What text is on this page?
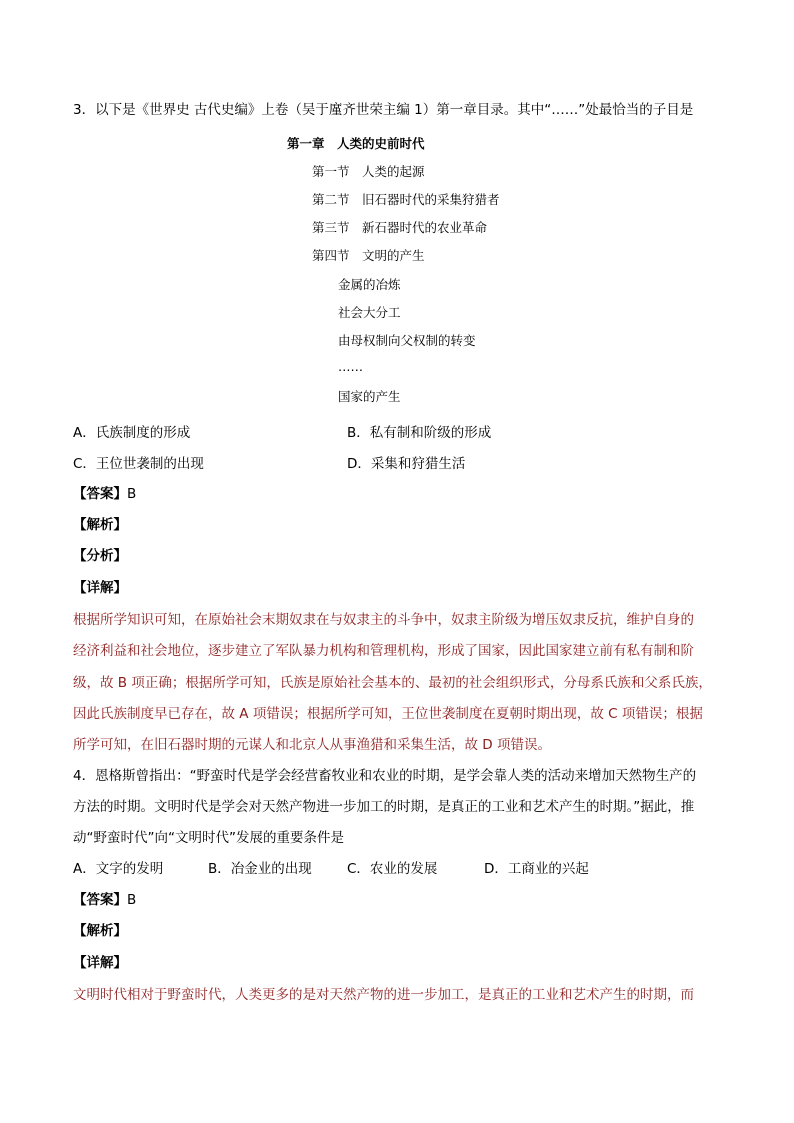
3．以下是《世界史 古代史编》上卷（吴于廑齐世荣主编 1）第一章目录。其中“……”处最恰当的子目是
第一章　人类的史前时代
第一节　人类的起源
第二节　旧石器时代的采集狩猎者
第三节　新石器时代的农业革命
第四节　文明的产生
金属的冶炼
社会大分工
由母权制向父权制的转变
……
国家的产生
A．氏族制度的形成	B．私有制和阶级的形成
C．王位世袭制的出现	D．采集和狩猎生活
【答案】B
【解析】
【分析】
【详解】
根据所学知识可知，在原始社会末期奴隶在与奴隶主的斗争中，奴隶主阶级为增压奴隶反抗，维护自身的
经济利益和社会地位，逐步建立了军队暴力机构和管理机构，形成了国家，因此国家建立前有私有制和阶
级，故 B 项正确；根据所学可知，氏族是原始社会基本的、最初的社会组织形式，分母系氏族和父系氏族，
因此氏族制度早已存在，故 A 项错误；根据所学可知，王位世袭制度在夏朝时期出现，故 C 项错误；根据
所学可知，在旧石器时期的元谋人和北京人从事渔猎和采集生活，故 D 项错误。
4．恩格斯曾指出：“野蛮时代是学会经营畜牧业和农业的时期，是学会靠人类的活动来增加天然物生产的
方法的时期。文明时代是学会对天然产物进一步加工的时期，是真正的工业和艺术产生的时期。”据此，推
动“野蛮时代”向“文明时代”发展的重要条件是
A．文字的发明	B．冶金业的出现	C．农业的发展	D．工商业的兴起
【答案】B
【解析】
【详解】
文明时代相对于野蛮时代，人类更多的是对天然产物的进一步加工，是真正的工业和艺术产生的时期，而
